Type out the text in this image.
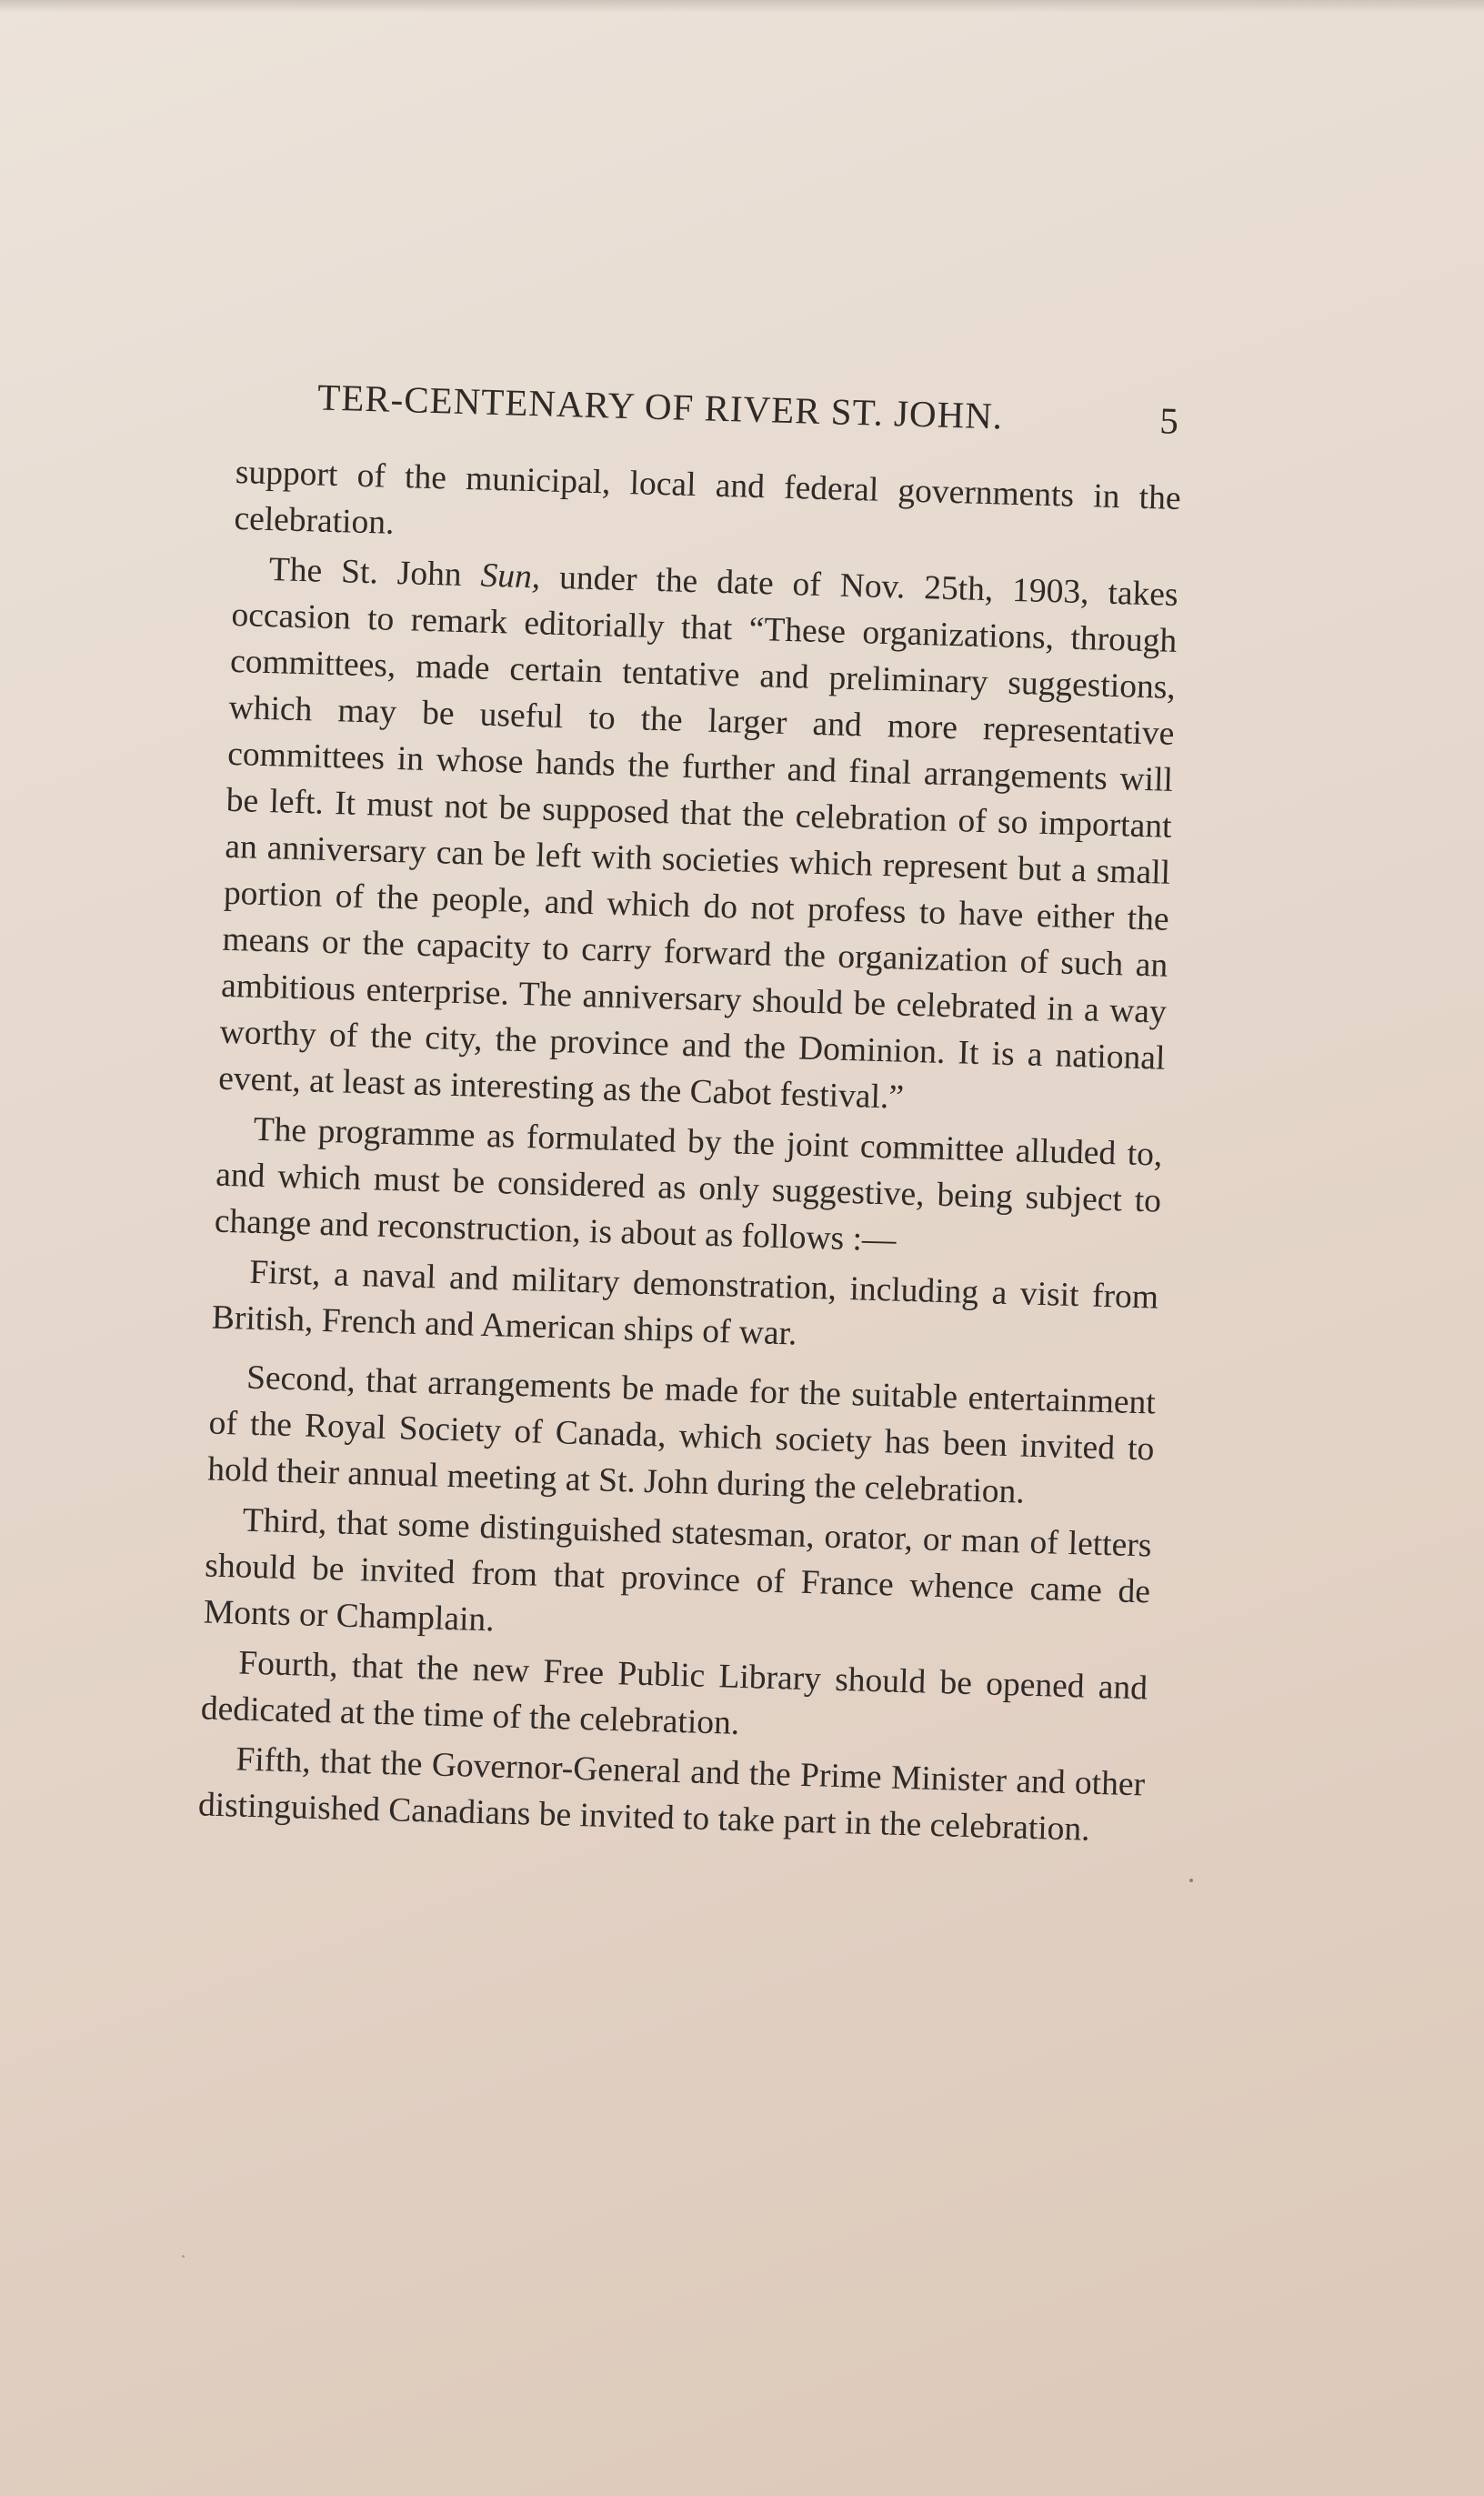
TER-CENTENARY OF RIVER ST. JOHN.	5

support of the municipal, local and federal governments in the celebration.

The St. John Sun, under the date of Nov. 25th, 1903, takes occasion to remark editorially that “These organizations, through committees, made certain tentative and preliminary suggestions, which may be useful to the larger and more representative committees in whose hands the further and final arrangements will be left. It must not be supposed that the celebration of so important an anniversary can be left with societies which represent but a small portion of the people, and which do not profess to have either the means or the capacity to carry forward the organization of such an ambitious enterprise. The anniversary should be celebrated in a way worthy of the city, the province and the Dominion. It is a national event, at least as interesting as the Cabot festival.”

The programme as formulated by the joint committee alluded to, and which must be considered as only suggestive, being subject to change and reconstruction, is about as follows :—

First, a naval and military demonstration, including a visit from British, French and American ships of war.

Second, that arrangements be made for the suitable entertainment of the Royal Society of Canada, which society has been invited to hold their annual meeting at St. John during the celebration.

Third, that some distinguished statesman, orator, or man of letters should be invited from that province of France whence came de Monts or Champlain.

Fourth, that the new Free Public Library should be opened and dedicated at the time of the celebration.

Fifth, that the Governor-General and the Prime Minister and other distinguished Canadians be invited to take part in the celebration.
